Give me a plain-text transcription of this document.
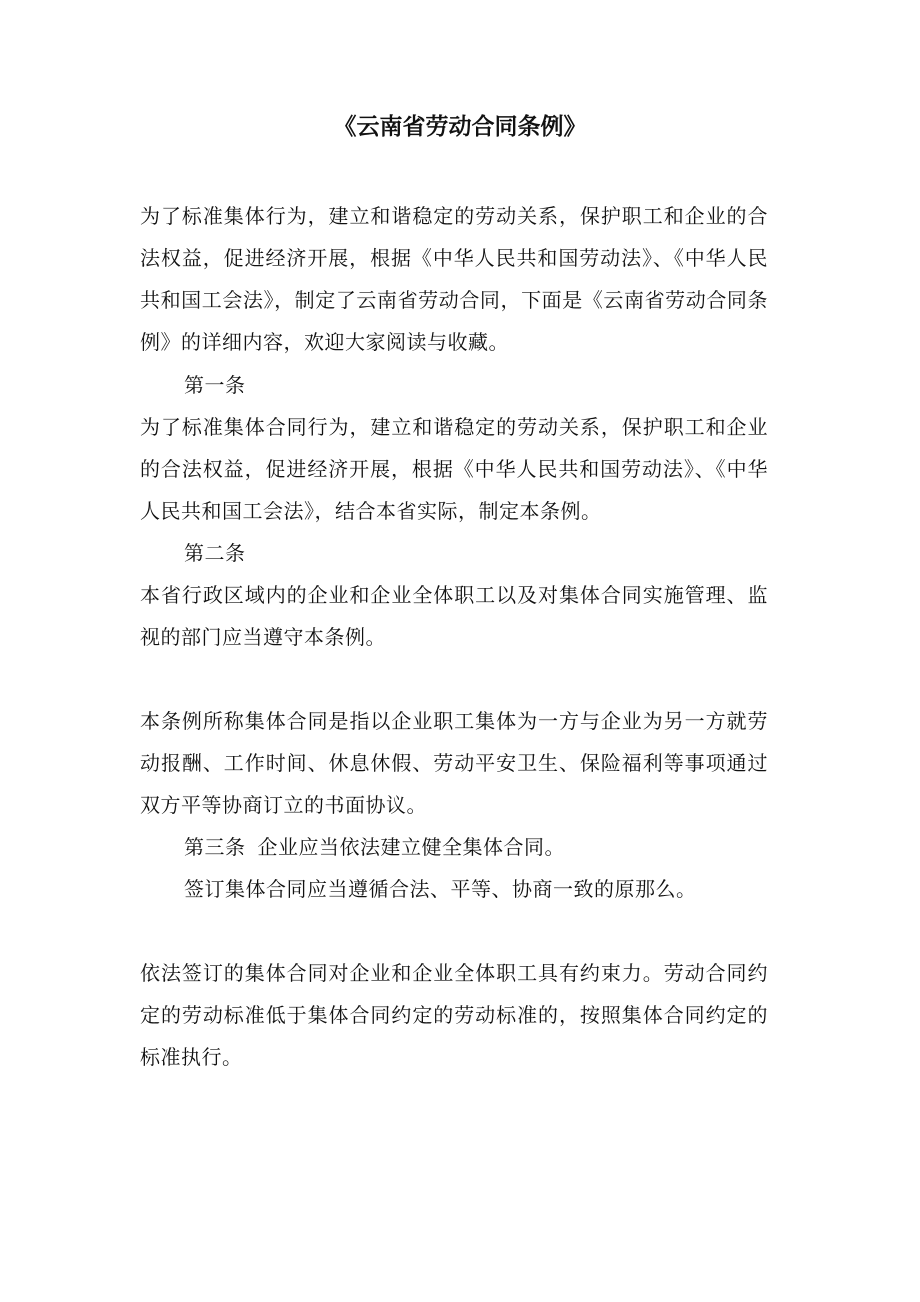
《云南省劳动合同条例》
为了标准集体行为，建立和谐稳定的劳动关系，保护职工和企业的合法权益，促进经济开展，根据《中华人民共和国劳动法》、《中华人民共和国工会法》，制定了云南省劳动合同，下面是《云南省劳动合同条例》的详细内容，欢迎大家阅读与收藏。
第一条
为了标准集体合同行为，建立和谐稳定的劳动关系，保护职工和企业的合法权益，促进经济开展，根据《中华人民共和国劳动法》、《中华人民共和国工会法》，结合本省实际，制定本条例。
第二条
本省行政区域内的企业和企业全体职工以及对集体合同实施管理、监视的部门应当遵守本条例。
本条例所称集体合同是指以企业职工集体为一方与企业为另一方就劳动报酬、工作时间、休息休假、劳动平安卫生、保险福利等事项通过双方平等协商订立的书面协议。
第三条 企业应当依法建立健全集体合同。
签订集体合同应当遵循合法、平等、协商一致的原那么。
依法签订的集体合同对企业和企业全体职工具有约束力。劳动合同约定的劳动标准低于集体合同约定的劳动标准的，按照集体合同约定的标准执行。
